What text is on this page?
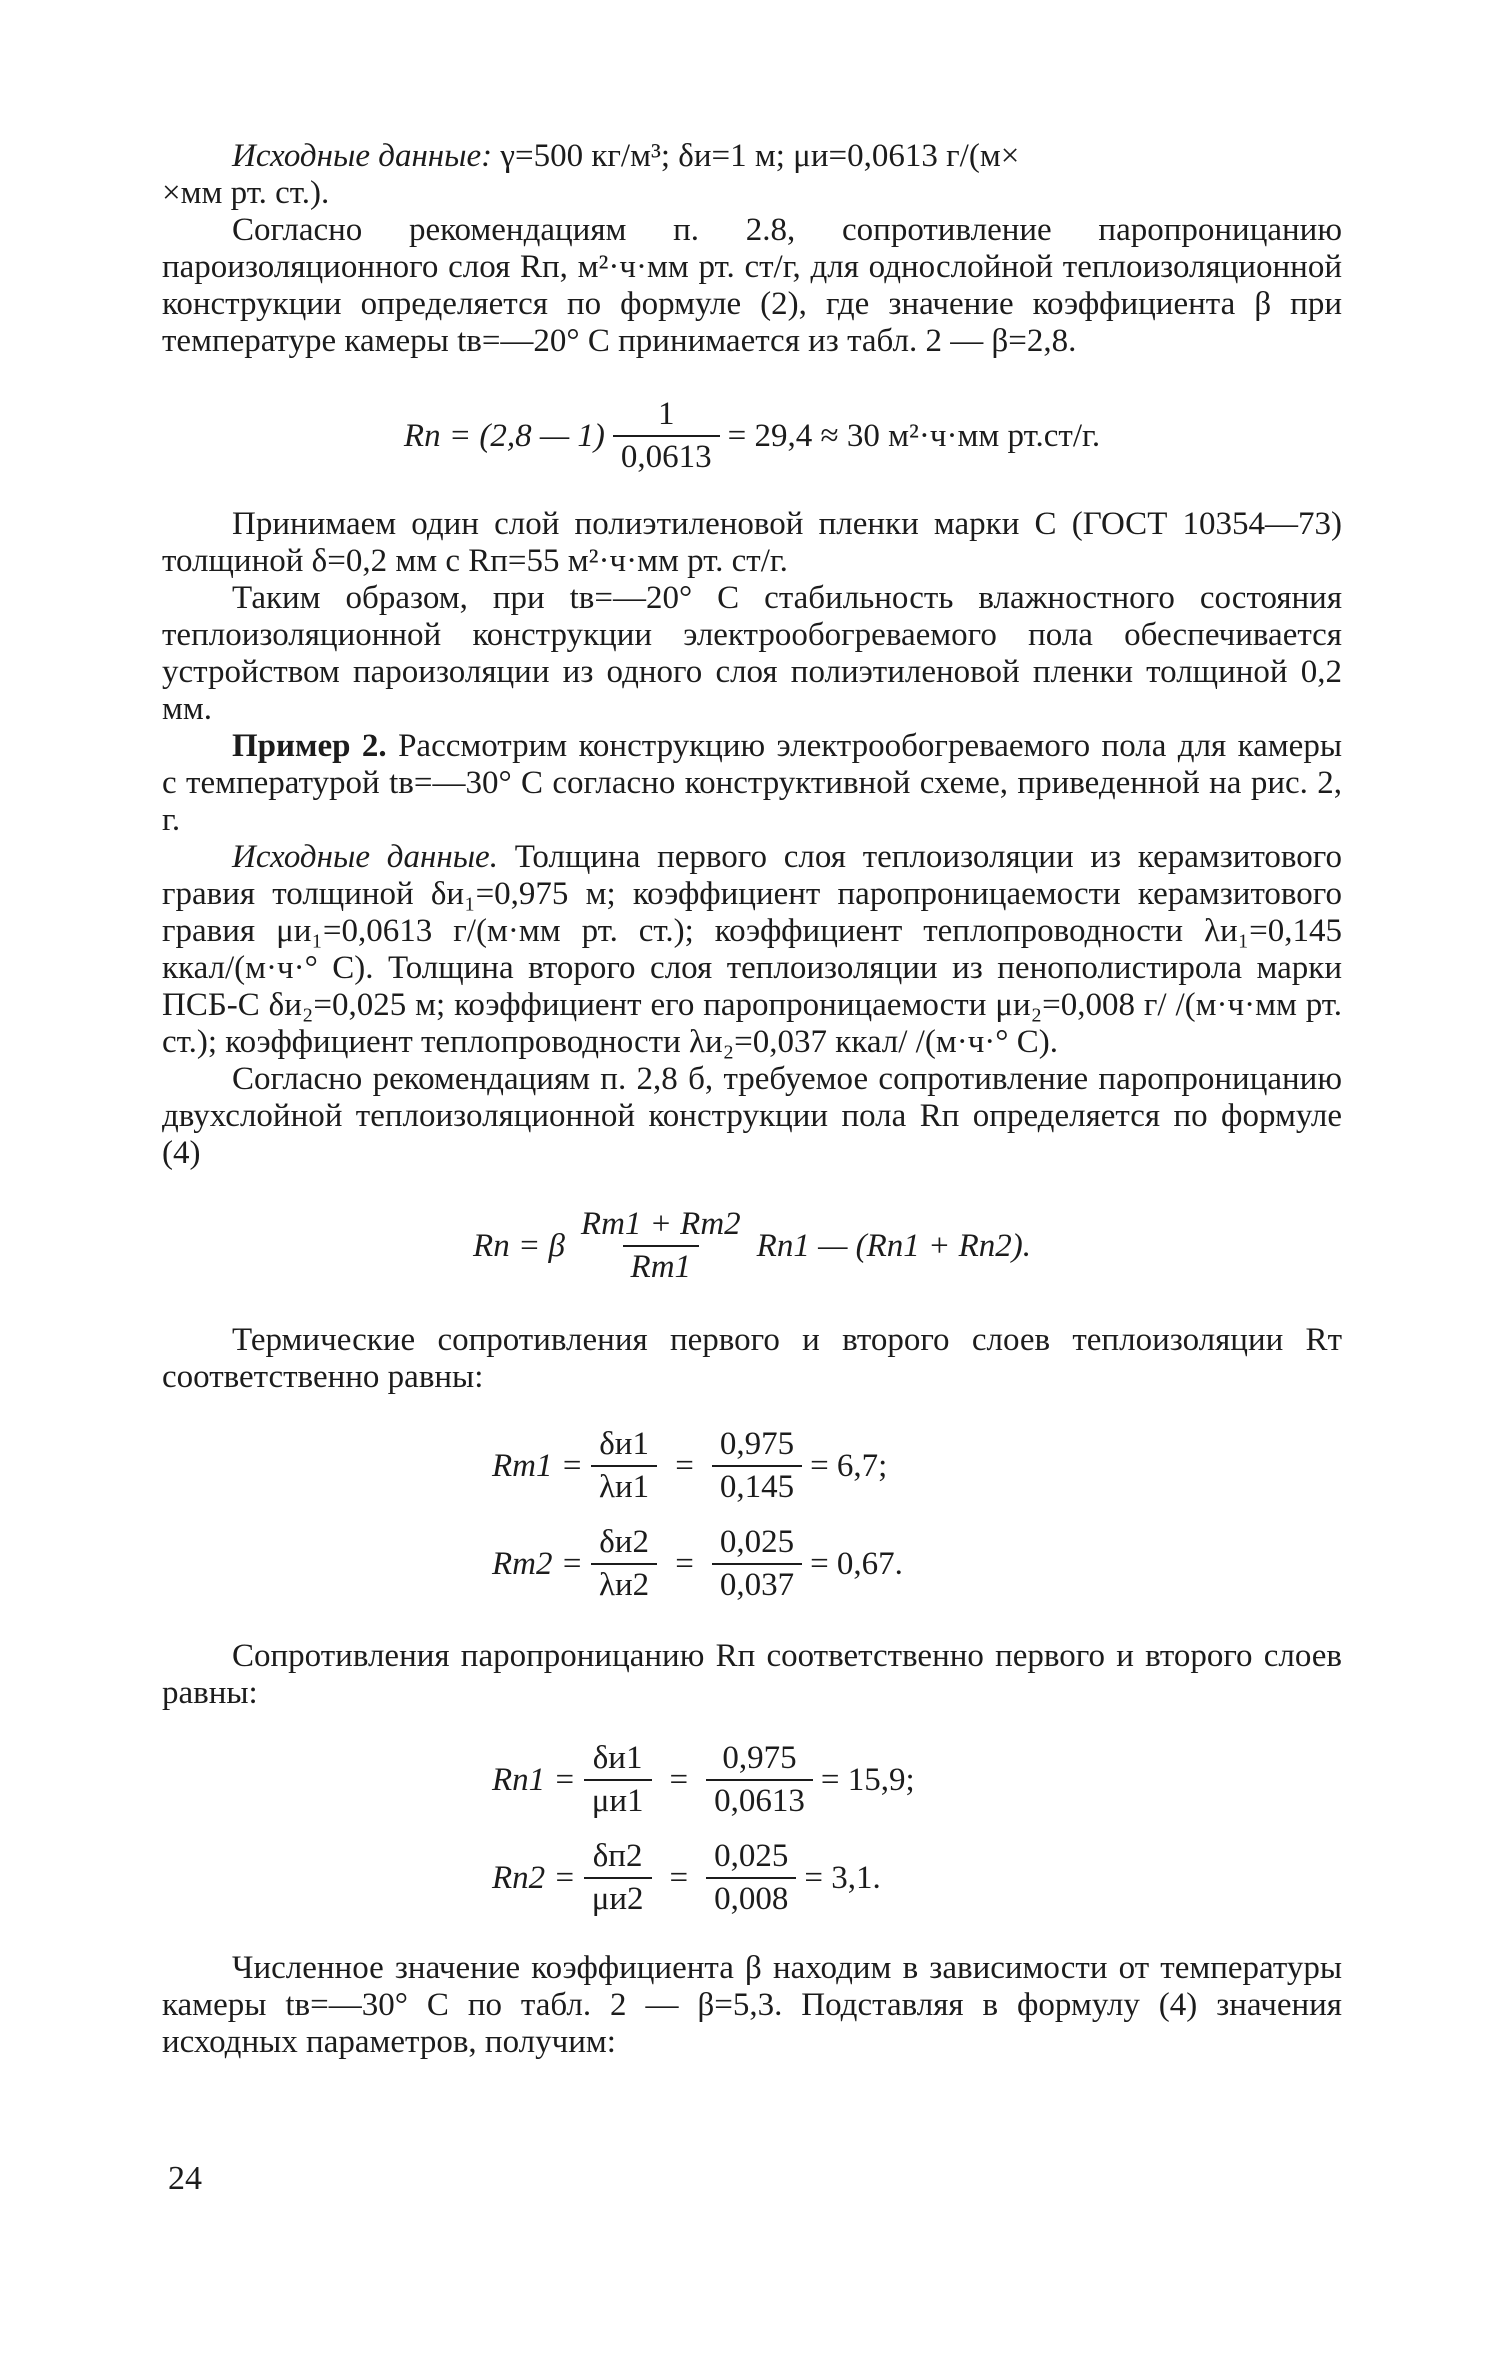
Исходные данные: γ=500 кг/м³; δи=1 м; μи=0,0613 г/(м×
×мм рт. ст.).

Согласно рекомендациям п. 2.8, сопротивление паропроницанию пароизоляционного слоя Rп, м²·ч·мм рт. ст/г, для однослойной теплоизоляционной конструкции определяется по формуле (2), где значение коэффициента β при температуре камеры tв=—20° С принимается из табл. 2 — β=2,8.

Rп = (2,8 — $1) \frac{1}{0,0613} = 29,4 \approx 30$ м²·ч·мм рт.ст/г.

Принимаем один слой полиэтиленовой пленки марки С (ГОСТ 10354—73) толщиной δ=0,2 мм с Rп=55 м²·ч·мм рт. ст/г.

Таким образом, при tв=—20° С стабильность влажностного состояния теплоизоляционной конструкции электрообогреваемого пола обеспечивается устройством пароизоляции из одного слоя полиэтиленовой пленки толщиной 0,2 мм.

Пример 2. Рассмотрим конструкцию электрообогреваемого пола для камеры с температурой tв=—30° С согласно конструктивной схеме, приведенной на рис. 2, г.

Исходные данные. Толщина первого слоя теплоизоляции из керамзитового гравия толщиной δи₁=0,975 м; коэффициент паропроницаемости керамзитового гравия μи₁=0,0613 г/(м·мм рт. ст.); коэффициент теплопроводности λи₁=0,145 ккал/(м·ч·° С). Толщина второго слоя теплоизоляции из пенополистирола марки ПСБ-С δи₂=0,025 м; коэффициент его паропроницаемости μи₂=0,008 г/ /(м·ч·мм рт. ст.); коэффициент теплопроводности λи₂=0,037 ккал/ /(м·ч·° С).

Согласно рекомендациям п. 2,8 б, требуемое сопротивление паропроницанию двухслойной теплоизоляционной конструкции пола Rп определяется по формуле (4)

Rп = β $\frac{Rт1 + Rт2}{Rт1} Rп1$ — (Rп1 + Rп2).

Термические сопротивления первого и второго слоев теплоизоляции Rт соответственно равны:

$Rт1 = \frac{\delta и1}{\lambda и1} = \frac{0,975}{0,145} = 6,7$;
$Rт2 = \frac{\delta и2}{\lambda и2} = \frac{0,025}{0,037} = 0,67$.

Сопротивления паропроницанию Rп соответственно первого и второго слоев равны:

$Rп1 = \frac{\delta и1}{\mu и1} = \frac{0,975}{0,0613} = 15,9$;
$Rп2 = \frac{\delta п2}{\mu и2} = \frac{0,025}{0,008} = 3,1$.

Численное значение коэффициента β находим в зависимости от температуры камеры tв=—30° С по табл. 2 — β=5,3. Подставляя в формулу (4) значения исходных параметров, получим:

24
